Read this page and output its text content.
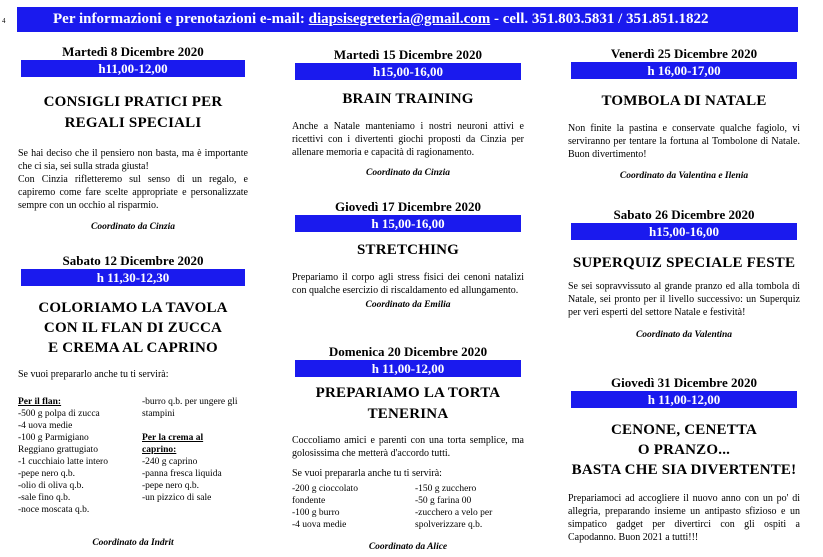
4	Per informazioni e prenotazioni e-mail: diapsisegreteria@gmail.com - cell. 351.803.5831 / 351.851.1822
Martedì 8 Dicembre 2020
h11,00-12,00
CONSIGLI PRATICI PER
REGALI SPECIALI
Se hai deciso che il pensiero non basta, ma è importante che ci sia, sei sulla strada giusta!
Con Cinzia rifletteremo sul senso di un regalo, e capiremo come fare scelte appropriate e personalizzate sempre con un occhio al risparmio.
Coordinato da Cinzia
Sabato 12 Dicembre 2020
h 11,30-12,30
COLORIAMO LA TAVOLA
CON IL FLAN DI ZUCCA
E CREMA AL CAPRINO
Se vuoi prepararlo anche tu ti servirà:
Per il flan:
-500 g polpa di zucca
-4 uova medie
-100 g Parmigiano
Reggiano grattugiato
-1 cucchiaio latte intero
-pepe nero q.b.
-olio di oliva q.b.
-sale fino q.b.
-noce moscata q.b.
-burro q.b. per ungere gli
stampini
Per la crema al
caprino:
-240 g caprino
-panna fresca liquida
-pepe nero q.b.
-un pizzico di sale
Coordinato da Indrit
Martedì 15 Dicembre 2020
h15,00-16,00
BRAIN TRAINING
Anche a Natale manteniamo i nostri neuroni attivi e ricettivi con i divertenti giochi proposti da Cinzia per allenare memoria e capacità di ragionamento.
Coordinato da Cinzia
Giovedì 17 Dicembre 2020
h 15,00-16,00
STRETCHING
Prepariamo il corpo agli stress fisici dei cenoni natalizi con qualche esercizio di riscaldamento ed allungamento.
Coordinato da Emilia
Domenica 20 Dicembre 2020
h 11,00-12,00
PREPARIAMO LA TORTA
TENERINA
Coccoliamo amici e parenti con una torta semplice, ma golosissima che metterà d'accordo tutti.
Se vuoi prepararla anche tu ti servirà:
-200 g cioccolato
fondente
-100 g burro
-4 uova medie
-150 g zucchero
-50 g farina 00
-zucchero a velo per
spolverizzare q.b.
Coordinato da Alice
Venerdì 25 Dicembre 2020
h 16,00-17,00
TOMBOLA DI NATALE
Non finite la pastina e conservate qualche fagiolo, vi serviranno per tentare la fortuna al Tombolone di Natale. Buon divertimento!
Coordinato da Valentina e Ilenia
Sabato 26 Dicembre 2020
h15,00-16,00
SUPERQUIZ SPECIALE FESTE
Se sei sopravvissuto al grande pranzo ed alla tombola di Natale, sei pronto per il livello successivo: un Superquiz per veri esperti del settore Natale e festività!
Coordinato da Valentina
Giovedì 31 Dicembre 2020
h 11,00-12,00
CENONE, CENETTA
O PRANZO...
BASTA CHE SIA DIVERTENTE!
Prepariamoci ad accogliere il nuovo anno con un po' di allegria, preparando insieme un antipasto sfizioso e un simpatico gadget per divertirci con gli ospiti a Capodanno. Buon 2021 a tutti!!!
